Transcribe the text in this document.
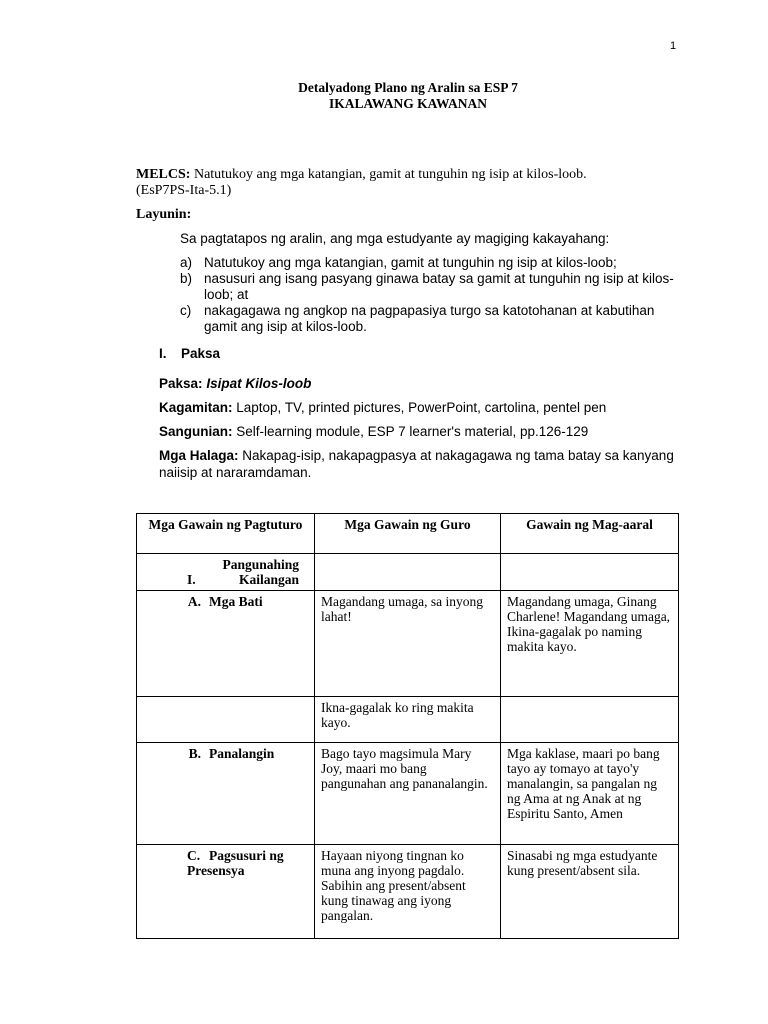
1
Detalyadong Plano ng Aralin sa ESP 7
IKALAWANG KAWANAN
MELCS: Natutukoy ang mga katangian, gamit at tunguhin ng isip at kilos-loob.
(EsP7PS-Ita-5.1)
Layunin:
Sa pagtatapos ng aralin, ang mga estudyante ay magiging kakayahang:
a) Natutukoy ang mga katangian, gamit at tunguhin ng isip at kilos-loob;
b) nasusuri ang isang pasyang ginawa batay sa gamit at tunguhin ng isip at kilos-loob; at
c) nakagagawa ng angkop na pagpapasiya turgo sa katotohanan at kabutihan gamit ang isip at kilos-loob.
I. Paksa
Paksa: Isipat Kilos-loob
Kagamitan: Laptop, TV, printed pictures, PowerPoint, cartolina, pentel pen
Sangunian: Self-learning module, ESP 7 learner's material, pp.126-129
Mga Halaga: Nakapag-isip, nakapagpasya at nakagagawa ng tama batay sa kanyang naiisip at nararamdaman.
Mga Gawain ng Pagtuturo	Mga Gawain ng Guro	Gawain ng Mag-aaral

I.Pangunahing Kailangan		

A. Mga Bati	Magandang umaga, sa inyong lahat!	Magandang umaga, Ginang Charlene! Magandang umaga, Ikina-gagalak po naming makita kayo.
	Ikna-gagalak ko ring makita kayo.	
B. Panalangin	Bago tayo magsimula Mary Joy, maari mo bang pangunahan ang pananalangin.	Mga kaklase, maari po bang tayo ay tomayo at tayo'y manalangin, sa pangalan ng ng Ama at ng Anak at ng Espiritu Santo, Amen

C. Pagsusuri ng Presensya	Hayaan niyong tingnan ko muna ang inyong pagdalo. Sabihin ang present/absent kung tinawag ang iyong pangalan.	Sinasabi ng mga estudyante kung present/absent sila.
